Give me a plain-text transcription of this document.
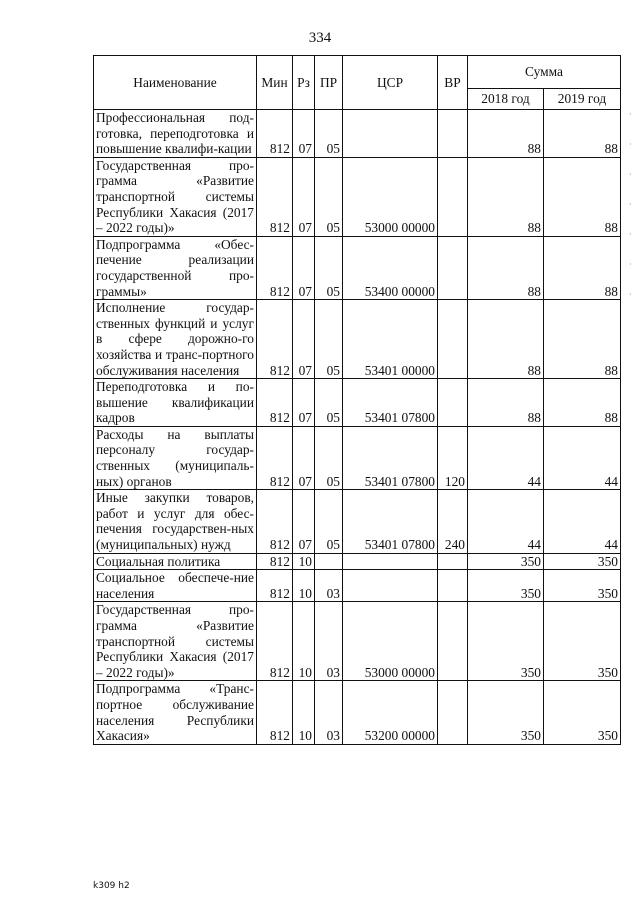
334
Наименование	Мин	Рз	ПР	ЦСР	ВР	Сумма	
						2018 год	2019 год
Профессиональная под-готовка, переподготовка и повышение квалифи-кации	812	07	05			88	88
Государственная про-грамма «Развитие транспортной системы Республики Хакасия (2017 – 2022 годы)»	812	07	05	53000 00000		88	88
Подпрограмма «Обес-печение реализации государственной про-граммы»	812	07	05	53400 00000		88	88
Исполнение государ-ственных функций и услуг в сфере дорожно-го хозяйства и транс-портного обслуживания населения	812	07	05	53401 00000		88	88
Переподготовка и по-вышение квалификации кадров	812	07	05	53401 07800		88	88
Расходы на выплаты персоналу государ-ственных (муниципаль-ных) органов	812	07	05	53401 07800	120	44	44
Иные закупки товаров, работ и услуг для обес-печения государствен-ных (муниципальных) нужд	812	07	05	53401 07800	240	44	44
Социальная политика	812	10				350	350
Социальное обеспече-ние населения	812	10	03			350	350
Государственная про-грамма «Развитие транспортной системы Республики Хакасия (2017 – 2022 годы)»	812	10	03	53000 00000		350	350
Подпрограмма «Транс-портное обслуживание населения Республики Хакасия»	812	10	03	53200 00000		350	350
·
·
·
·
·
·
·
k309 h2
